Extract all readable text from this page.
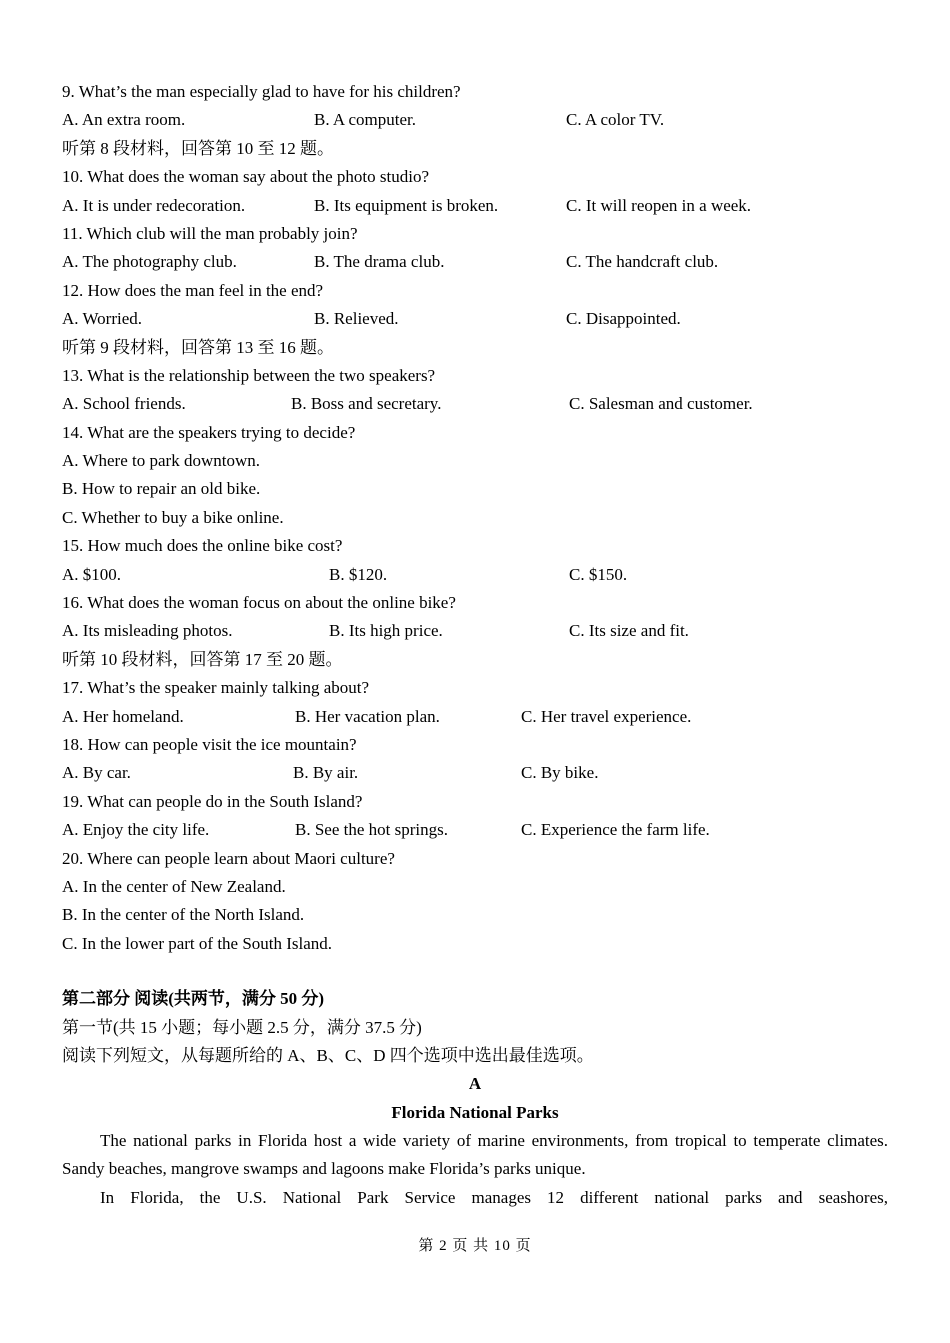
9. What’s the man especially glad to have for his children?
A. An extra room.	B. A computer.	C. A color TV.
听第 8 段材料，回答第 10 至 12 题。
10. What does the woman say about the photo studio?
A. It is under redecoration.	B. Its equipment is broken.	C. It will reopen in a week.
11. Which club will the man probably join?
A. The photography club.	B. The drama club.	C. The handcraft club.
12. How does the man feel in the end?
A. Worried.	B. Relieved.	C. Disappointed.
听第 9 段材料，回答第 13 至 16 题。
13. What is the relationship between the two speakers?
A. School friends.	B. Boss and secretary.	C. Salesman and customer.
14. What are the speakers trying to decide?
A. Where to park downtown.
B. How to repair an old bike.
C. Whether to buy a bike online.
15. How much does the online bike cost?
A. $100.	B. $120.	C. $150.
16. What does the woman focus on about the online bike?
A. Its misleading photos.	B. Its high price.	C. Its size and fit.
听第 10 段材料，回答第 17 至 20 题。
17. What’s the speaker mainly talking about?
A. Her homeland.	B. Her vacation plan.	C. Her travel experience.
18. How can people visit the ice mountain?
A. By car.	B. By air.	C. By bike.
19. What can people do in the South Island?
A. Enjoy the city life.	B. See the hot springs.	C. Experience the farm life.
20. Where can people learn about Maori culture?
A. In the center of New Zealand.
B. In the center of the North Island.
C. In the lower part of the South Island.
第二部分 阅读(共两节，满分 50 分)
第一节(共 15 小题；每小题 2.5 分，满分 37.5 分)
阅读下列短文，从每题所给的 A、B、C、D 四个选项中选出最佳选项。
A
Florida National Parks

The national parks in Florida host a wide variety of marine environments, from tropical to temperate climates. Sandy beaches, mangrove swamps and lagoons make Florida’s parks unique.

In Florida, the U.S. National Park Service manages 12 different national parks and seashores,

第 2 页 共 10 页
